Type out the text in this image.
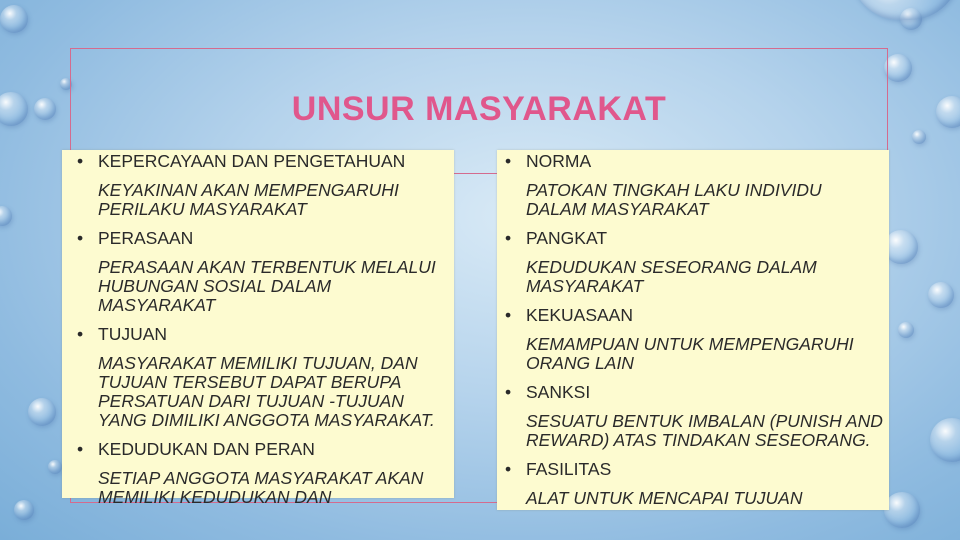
UNSUR MASYARAKAT
• KEPERCAYAAN DAN PENGETAHUAN
KEYAKINAN AKAN MEMPENGARUHI PERILAKU MASYARAKAT
• PERASAAN
PERASAAN AKAN TERBENTUK MELALUI HUBUNGAN SOSIAL DALAM MASYARAKAT
• TUJUAN
MASYARAKAT MEMILIKI TUJUAN, DAN TUJUAN TERSEBUT DAPAT BERUPA PERSATUAN DARI TUJUAN -TUJUAN YANG DIMILIKI ANGGOTA MASYARAKAT.
• KEDUDUKAN DAN PERAN
SETIAP ANGGOTA MASYARAKAT AKAN MEMILIKI KEDUDUKAN DAN
• NORMA
PATOKAN TINGKAH LAKU INDIVIDU DALAM MASYARAKAT
• PANGKAT
KEDUDUKAN SESEORANG DALAM MASYARAKAT
• KEKUASAAN
KEMAMPUAN UNTUK MEMPENGARUHI ORANG LAIN
• SANKSI
SESUATU BENTUK IMBALAN (PUNISH AND REWARD) ATAS TINDAKAN SESEORANG.
• FASILITAS
ALAT UNTUK MENCAPAI TUJUAN
